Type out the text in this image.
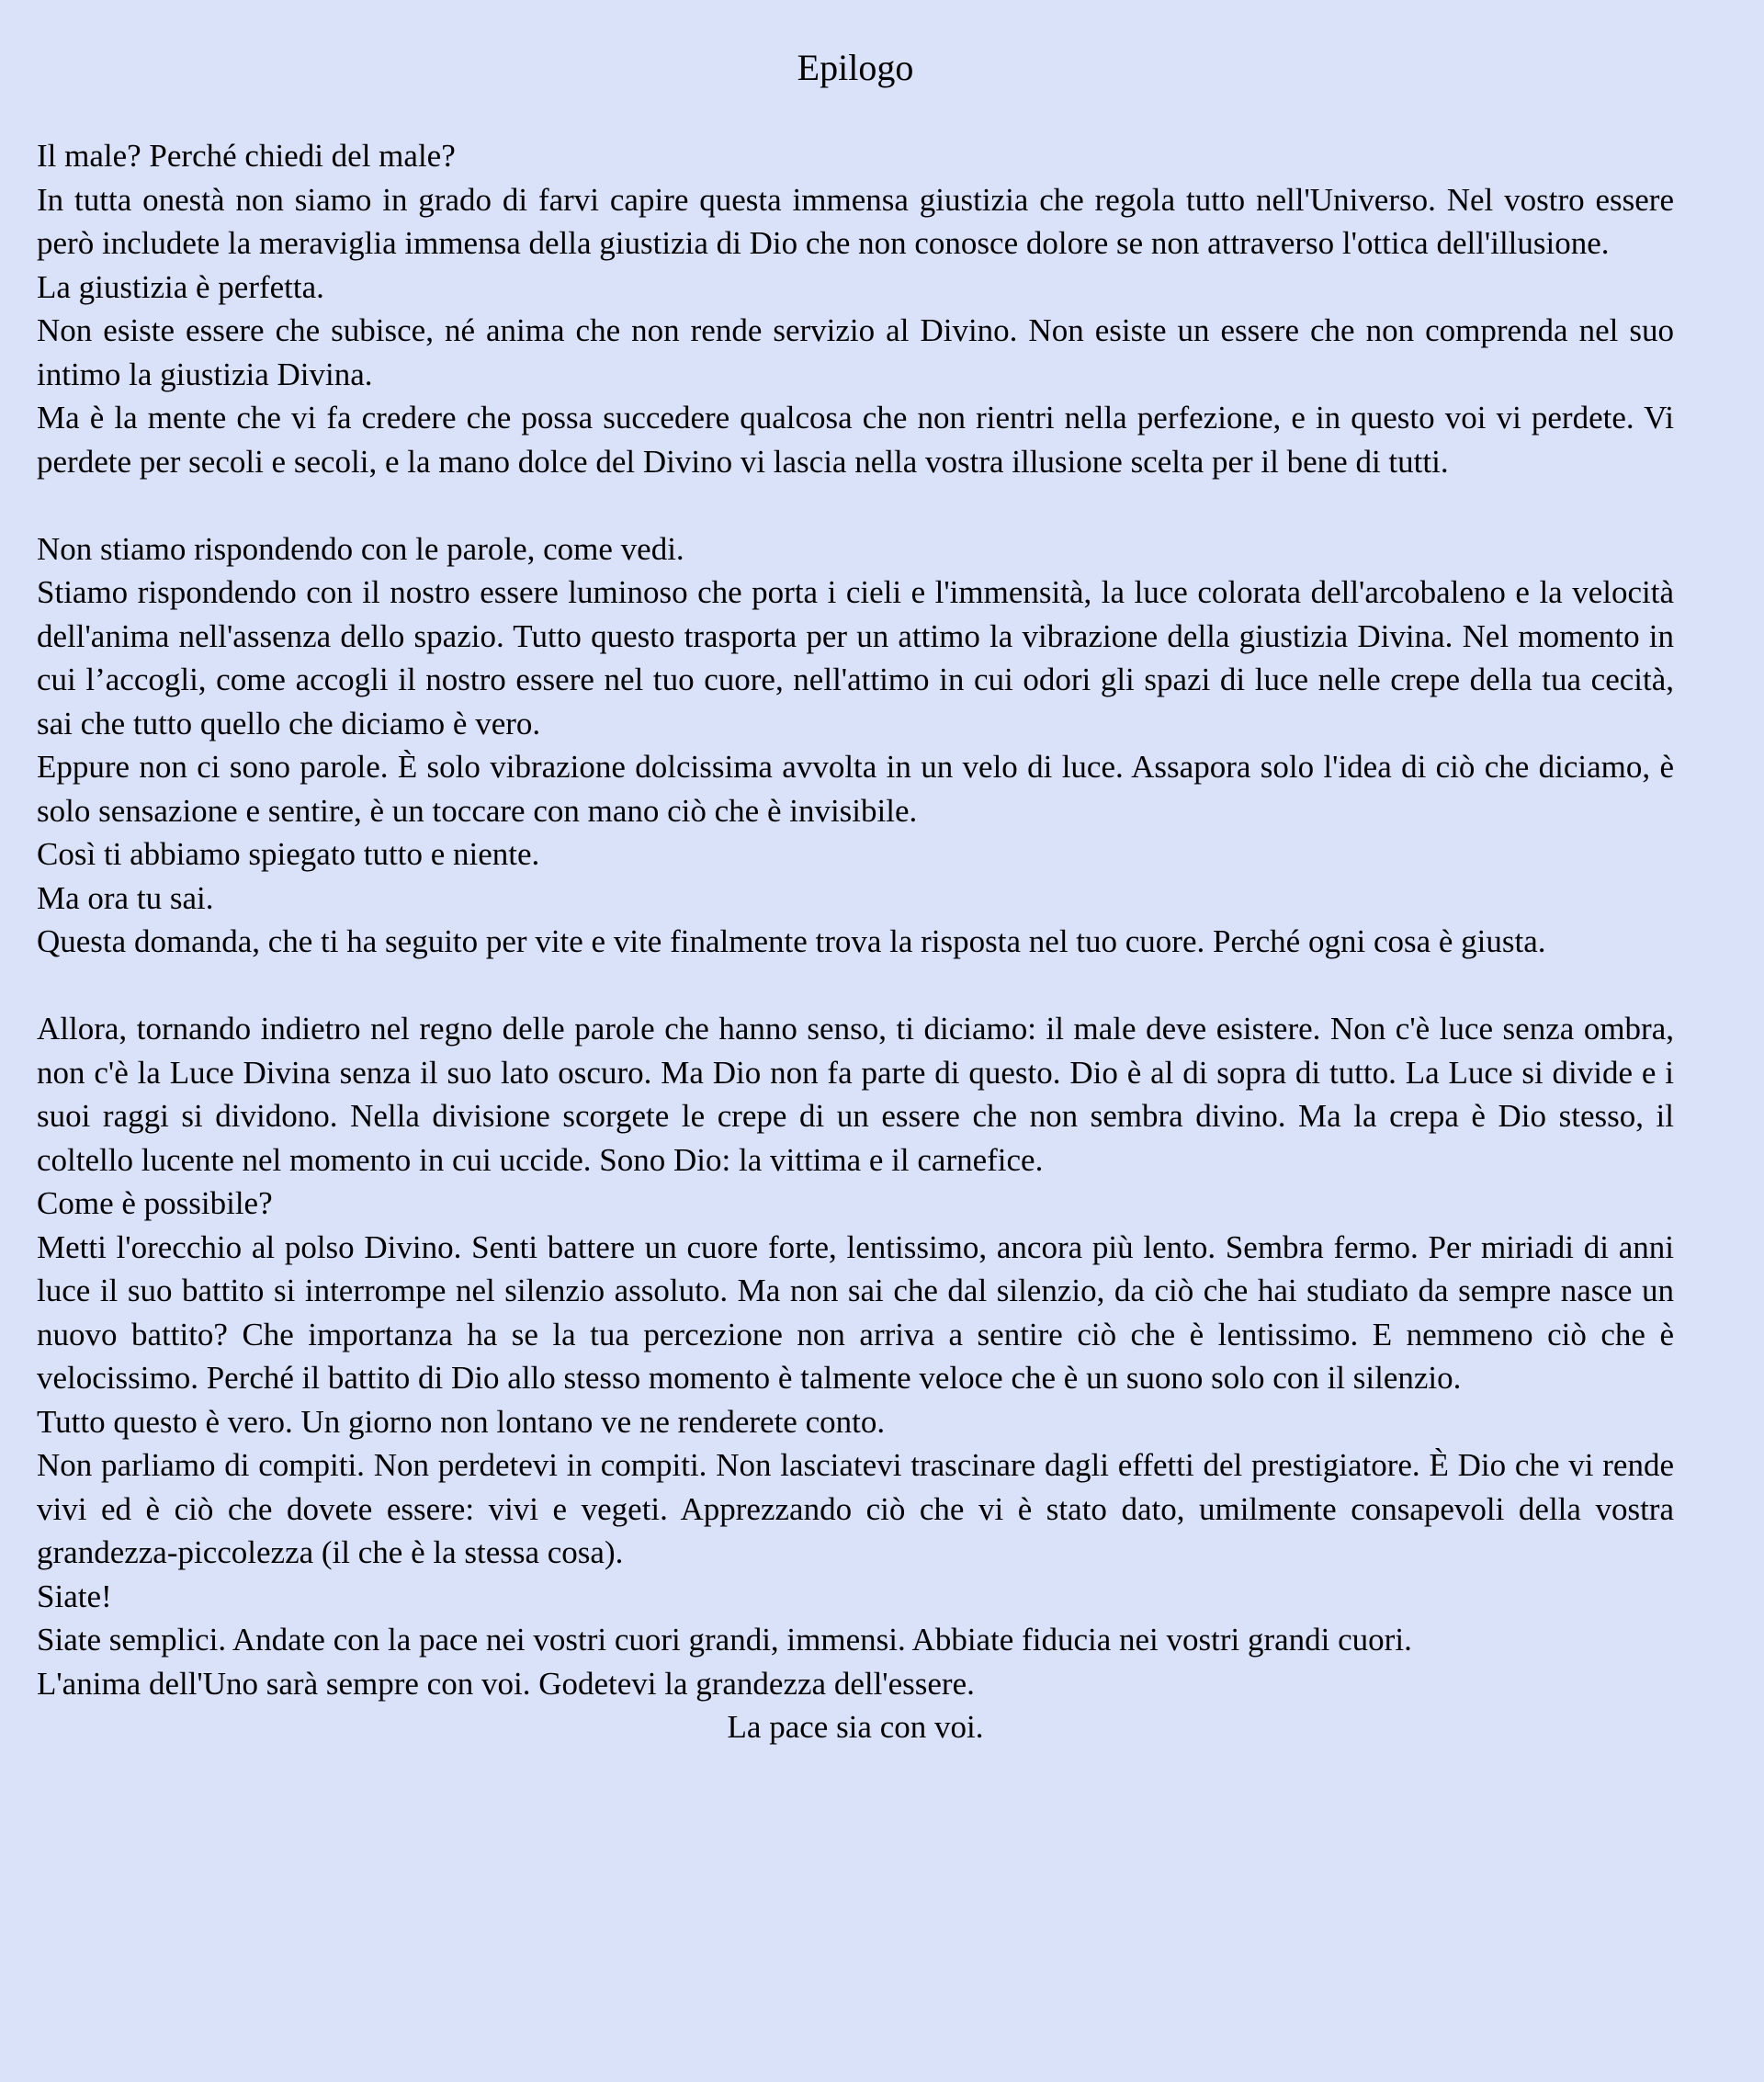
Epilogo

Il male? Perché chiedi del male?

In tutta onestà non siamo in grado di farvi capire questa immensa giustizia che regola tutto nell'Universo. Nel vostro essere però includete la meraviglia immensa della giustizia di Dio che non conosce dolore se non attraverso l'ottica dell'illusione.

La giustizia è perfetta.

Non esiste essere che subisce, né anima che non rende servizio al Divino. Non esiste un essere che non comprenda nel suo intimo la giustizia Divina.

Ma è la mente che vi fa credere che possa succedere qualcosa che non rientri nella perfezione, e in questo voi vi perdete. Vi perdete per secoli e secoli, e la mano dolce del Divino vi lascia nella vostra illusione scelta per il bene di tutti.

Non stiamo rispondendo con le parole, come vedi.

Stiamo rispondendo con il nostro essere luminoso che porta i cieli e l'immensità, la luce colorata dell'arcobaleno e la velocità dell'anima nell'assenza dello spazio. Tutto questo trasporta per un attimo la vibrazione della giustizia Divina. Nel momento in cui l’accogli, come accogli il nostro essere nel tuo cuore, nell'attimo in cui odori gli spazi di luce nelle crepe della tua cecità, sai che tutto quello che diciamo è vero.

Eppure non ci sono parole. È solo vibrazione dolcissima avvolta in un velo di luce. Assapora solo l'idea di ciò che diciamo, è solo sensazione e sentire, è un toccare con mano ciò che è invisibile.

Così ti abbiamo spiegato tutto e niente.

Ma ora tu sai.

Questa domanda, che ti ha seguito per vite e vite finalmente trova la risposta nel tuo cuore. Perché ogni cosa è giusta.

Allora, tornando indietro nel regno delle parole che hanno senso, ti diciamo: il male deve esistere. Non c'è luce senza ombra, non c'è la Luce Divina senza il suo lato oscuro. Ma Dio non fa parte di questo. Dio è al di sopra di tutto. La Luce si divide e i suoi raggi si dividono. Nella divisione scorgete le crepe di un essere che non sembra divino. Ma la crepa è Dio stesso, il coltello lucente nel momento in cui uccide. Sono Dio: la vittima e il carnefice.

Come è possibile?

Metti l'orecchio al polso Divino. Senti battere un cuore forte, lentissimo, ancora più lento. Sembra fermo. Per miriadi di anni luce il suo battito si interrompe nel silenzio assoluto. Ma non sai che dal silenzio, da ciò che hai studiato da sempre nasce un nuovo battito? Che importanza ha se la tua percezione non arriva a sentire ciò che è lentissimo. E nemmeno ciò che è velocissimo. Perché il battito di Dio allo stesso momento è talmente veloce che è un suono solo con il silenzio.

Tutto questo è vero. Un giorno non lontano ve ne renderete conto.

Non parliamo di compiti. Non perdetevi in compiti. Non lasciatevi trascinare dagli effetti del prestigiatore. È Dio che vi rende vivi ed è ciò che dovete essere: vivi e vegeti. Apprezzando ciò che vi è stato dato, umilmente consapevoli della vostra grandezza-piccolezza (il che è la stessa cosa).

Siate!

Siate semplici. Andate con la pace nei vostri cuori grandi, immensi. Abbiate fiducia nei vostri grandi cuori.

L'anima dell'Uno sarà sempre con voi. Godetevi la grandezza dell'essere.

La pace sia con voi.
